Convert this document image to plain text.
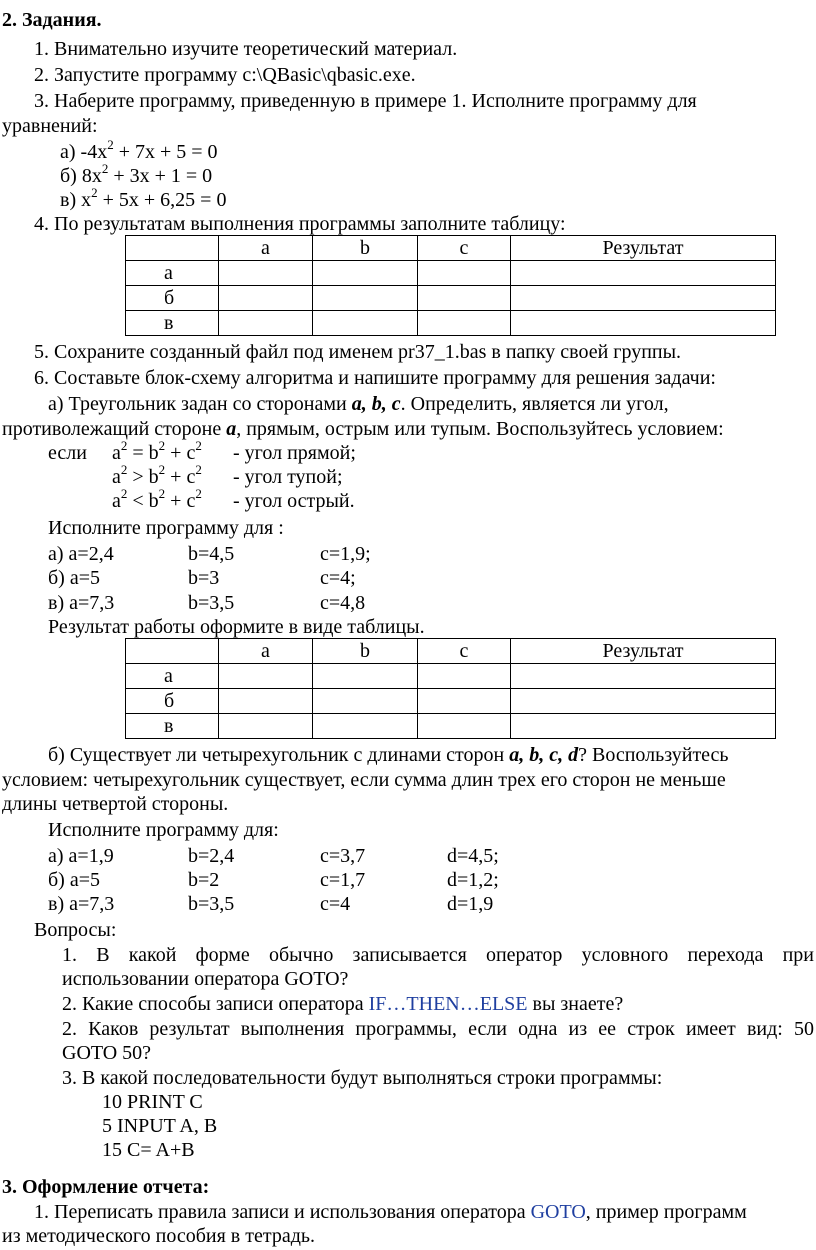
2. Задания.
1. Внимательно изучите теоретический материал.
2. Запустите программу c:\QBasic\qbasic.exe.
3. Наберите программу, приведенную в примере 1. Исполните программу для
уравнений:
а) $-4x^2 + 7x + 5 = 0$
б) $8x^2 + 3x + 1 = 0$
в) $x^2 + 5x + 6,25 = 0$
4. По результатам выполнения программы заполните таблицу:
	a	b	c	Результат
а				
б				
в				
5. Сохраните созданный файл под именем pr37_1.bas в папку своей группы.
6. Составьте блок-схему алгоритма и напишите программу для решения задачи:
а) Треугольник задан со сторонами a, b, c. Определить, является ли угол,
противолежащий стороне a, прямым, острым или тупым. Воспользуйтесь условием:
если $a^2 = b^2 + c^2$ - угол прямой;
$a^2 > b^2 + c^2$ - угол тупой;
$a^2 < b^2 + c^2$ - угол острый.
Исполните программу для :
а) a=2,4	b=4,5	c=1,9;
б) a=5	b=3	c=4;
в) a=7,3	b=3,5	c=4,8
Результат работы оформите в виде таблицы.
	a	b	c	Результат
а				
б				
в				
б) Существует ли четырехугольник с длинами сторон a, b, c, d? Воспользуйтесь
условием: четырехугольник существует, если сумма длин трех его сторон не меньше
длины четвертой стороны.
Исполните программу для:
а) a=1,9	b=2,4	c=3,7	d=4,5;
б) a=5	b=2	c=1,7	d=1,2;
в) a=7,3	b=3,5	c=4	d=1,9
Вопросы:
1. В какой форме обычно записывается оператор условного перехода при
использовании оператора GOTO?
2. Какие способы записи оператора IF…THEN…ELSE вы знаете?
2. Каков результат выполнения программы, если одна из ее строк имеет вид: 50
GOTO 50?
3. В какой последовательности будут выполняться строки программы:
10 PRINT C
5 INPUT A, B
15 C= A+B
3. Оформление отчета:
1. Переписать правила записи и использования оператора GOTO, пример программ
из методического пособия в тетрадь.
